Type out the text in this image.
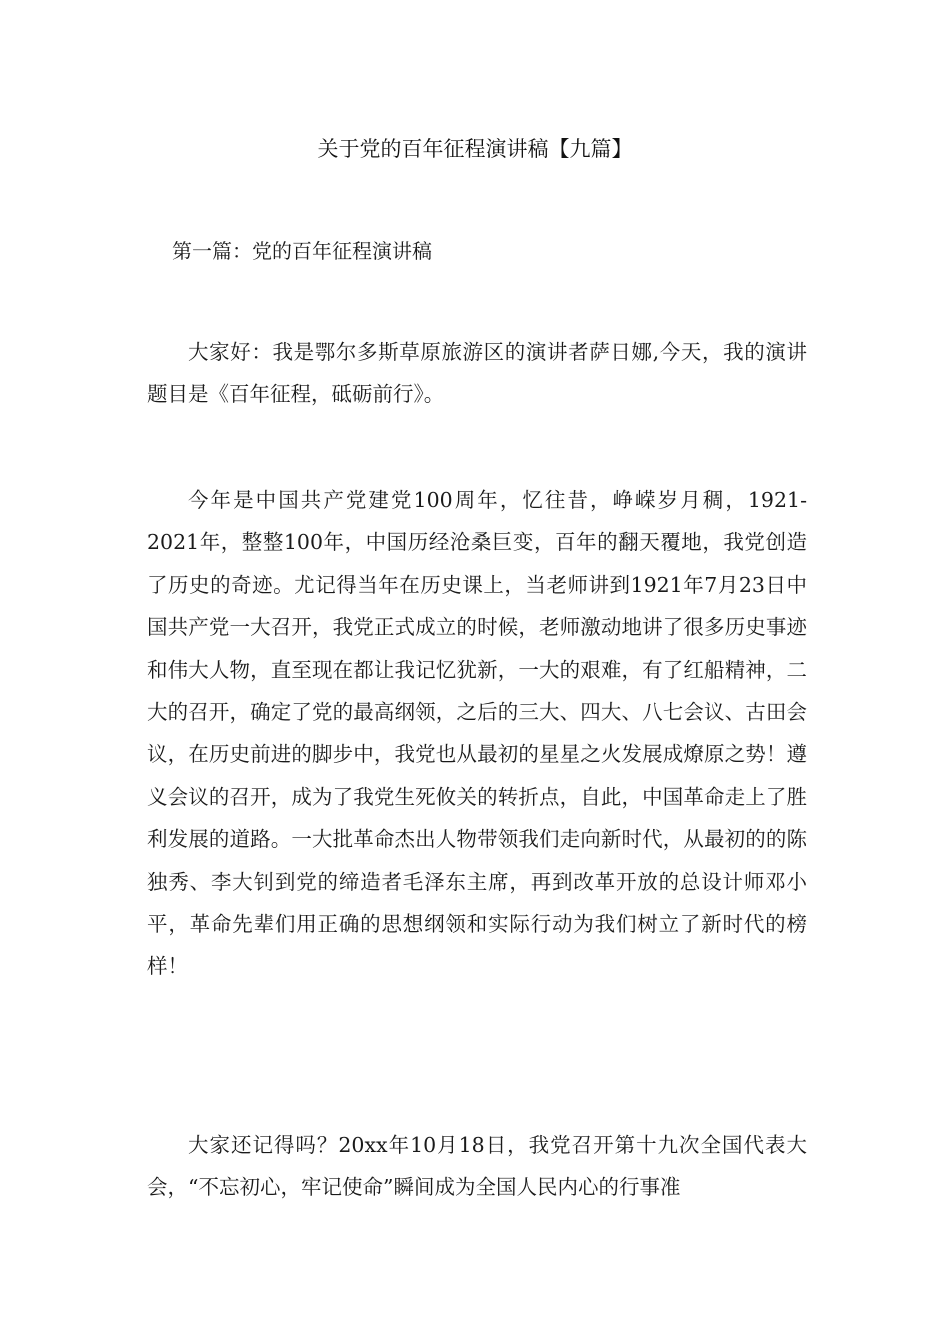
关于党的百年征程演讲稿【九篇】
第一篇：党的百年征程演讲稿

大家好：我是鄂尔多斯草原旅游区的演讲者萨日娜,今天，我的演讲题目是《百年征程，砥砺前行》。

今年是中国共产党建党100周年，忆往昔，峥嵘岁月稠，1921-2021年，整整100年，中国历经沧桑巨变，百年的翻天覆地，我党创造了历史的奇迹。尤记得当年在历史课上，当老师讲到1921年7月23日中国共产党一大召开，我党正式成立的时候，老师激动地讲了很多历史事迹和伟大人物，直至现在都让我记忆犹新，一大的艰难，有了红船精神，二大的召开，确定了党的最高纲领，之后的三大、四大、八七会议、古田会议，在历史前进的脚步中，我党也从最初的星星之火发展成燎原之势！遵义会议的召开，成为了我党生死攸关的转折点，自此，中国革命走上了胜利发展的道路。一大批革命杰出人物带领我们走向新时代，从最初的的陈独秀、李大钊到党的缔造者毛泽东主席，再到改革开放的总设计师邓小平，革命先辈们用正确的思想纲领和实际行动为我们树立了新时代的榜样！

大家还记得吗？20xx年10月18日，我党召开第十九次全国代表大会，“不忘初心，牢记使命”瞬间成为全国人民内心的行事准
